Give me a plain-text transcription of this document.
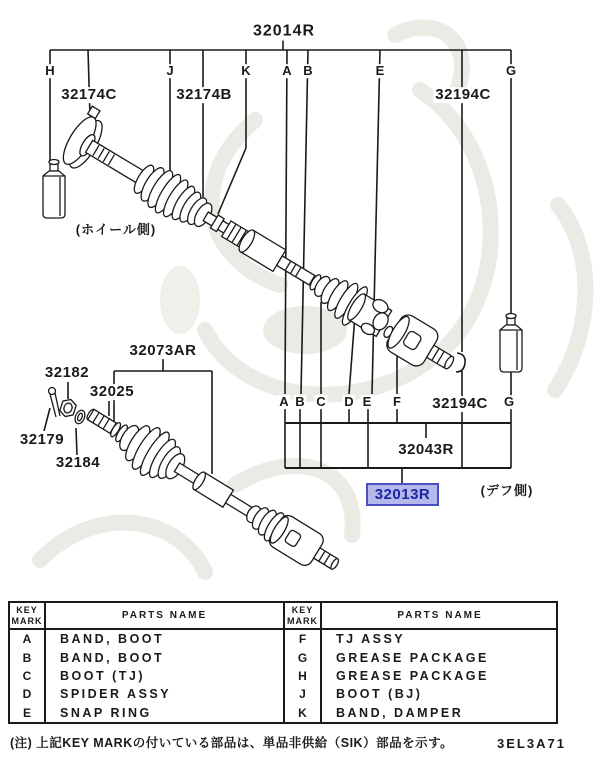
32014R
H	J	K A B	E	G
32174C	32174B	32194C
(ホイール側)
32073AR
32182
32025
32179
32184
A B C D E F 32194C G
32043R
32013R	(デフ側)
KEY
MARK	PARTS NAME
KEY
MARK	PARTS NAME
A	BAND, BOOT	F	TJ ASSY
B	BAND, BOOT	G	GREASE PACKAGE
C	BOOT (TJ)	H	GREASE PACKAGE
D	SPIDER ASSY	J	BOOT (BJ)
E	SNAP RING	K	BAND, DAMPER
(注) 上記KEY MARKの付いている部品は、単品非供給（SIK）部品を示す。	3EL3A71
